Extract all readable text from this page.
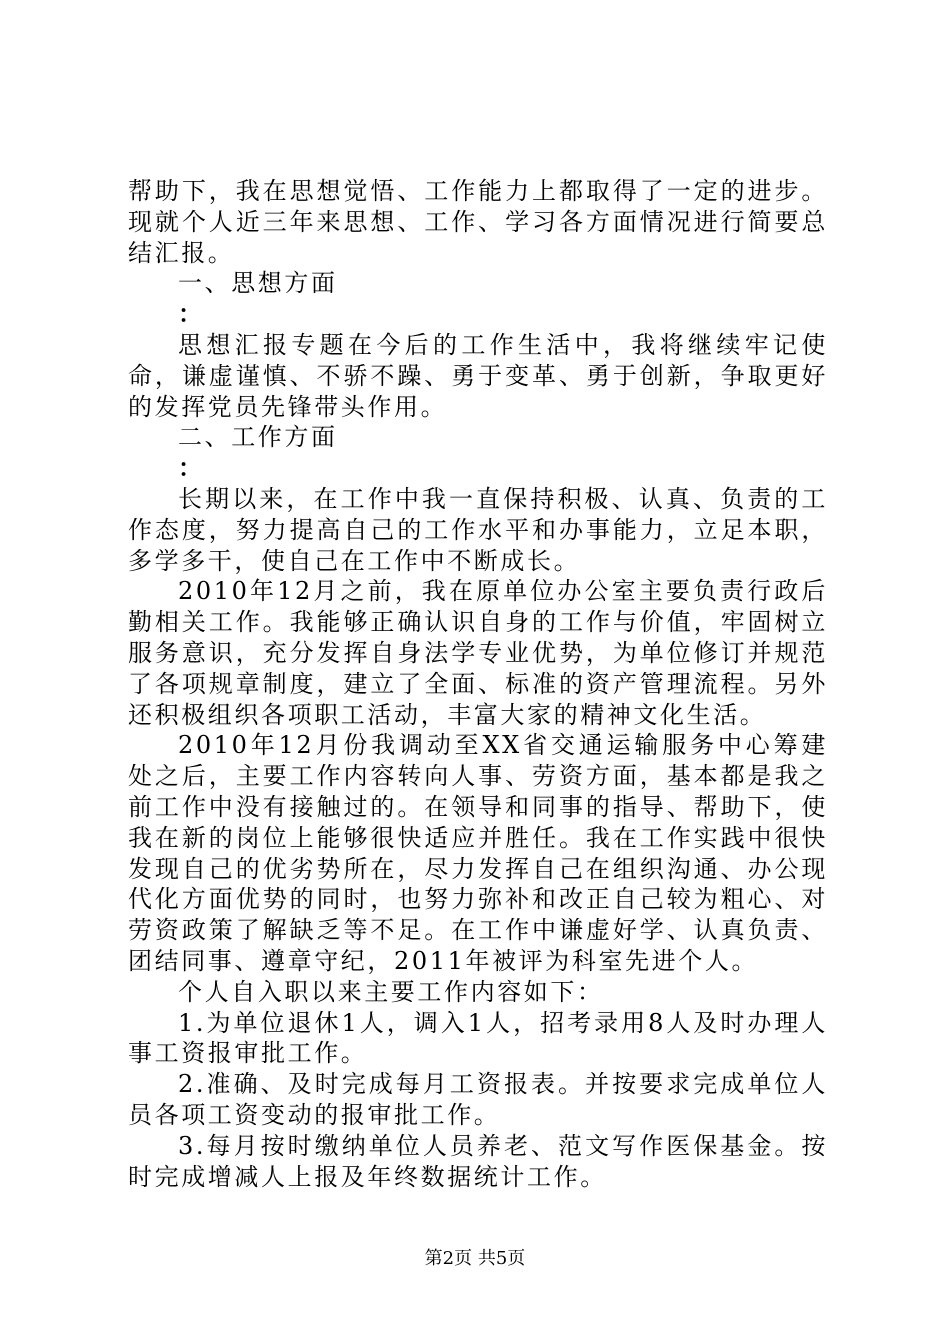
帮助下，我在思想觉悟、工作能力上都取得了一定的进步。现就个人近三年来思想、工作、学习各方面情况进行简要总结汇报。

一、思想方面

：

思想汇报专题在今后的工作生活中，我将继续牢记使命，谦虚谨慎、不骄不躁、勇于变革、勇于创新，争取更好的发挥党员先锋带头作用。

二、工作方面

：

长期以来，在工作中我一直保持积极、认真、负责的工作态度，努力提高自己的工作水平和办事能力，立足本职，多学多干，使自己在工作中不断成长。

2010年12月之前，我在原单位办公室主要负责行政后勤相关工作。我能够正确认识自身的工作与价值，牢固树立服务意识，充分发挥自身法学专业优势，为单位修订并规范了各项规章制度，建立了全面、标准的资产管理流程。另外还积极组织各项职工活动，丰富大家的精神文化生活。

2010年12月份我调动至XX省交通运输服务中心筹建处之后，主要工作内容转向人事、劳资方面，基本都是我之前工作中没有接触过的。在领导和同事的指导、帮助下，使我在新的岗位上能够很快适应并胜任。我在工作实践中很快发现自己的优劣势所在，尽力发挥自己在组织沟通、办公现代化方面优势的同时，也努力弥补和改正自己较为粗心、对劳资政策了解缺乏等不足。在工作中谦虚好学、认真负责、团结同事、遵章守纪，2011年被评为科室先进个人。

个人自入职以来主要工作内容如下：

1.为单位退休1人，调入1人，招考录用8人及时办理人事工资报审批工作。

2.准确、及时完成每月工资报表。并按要求完成单位人员各项工资变动的报审批工作。

3.每月按时缴纳单位人员养老、范文写作医保基金。按时完成增减人上报及年终数据统计工作。

第2页 共5页
